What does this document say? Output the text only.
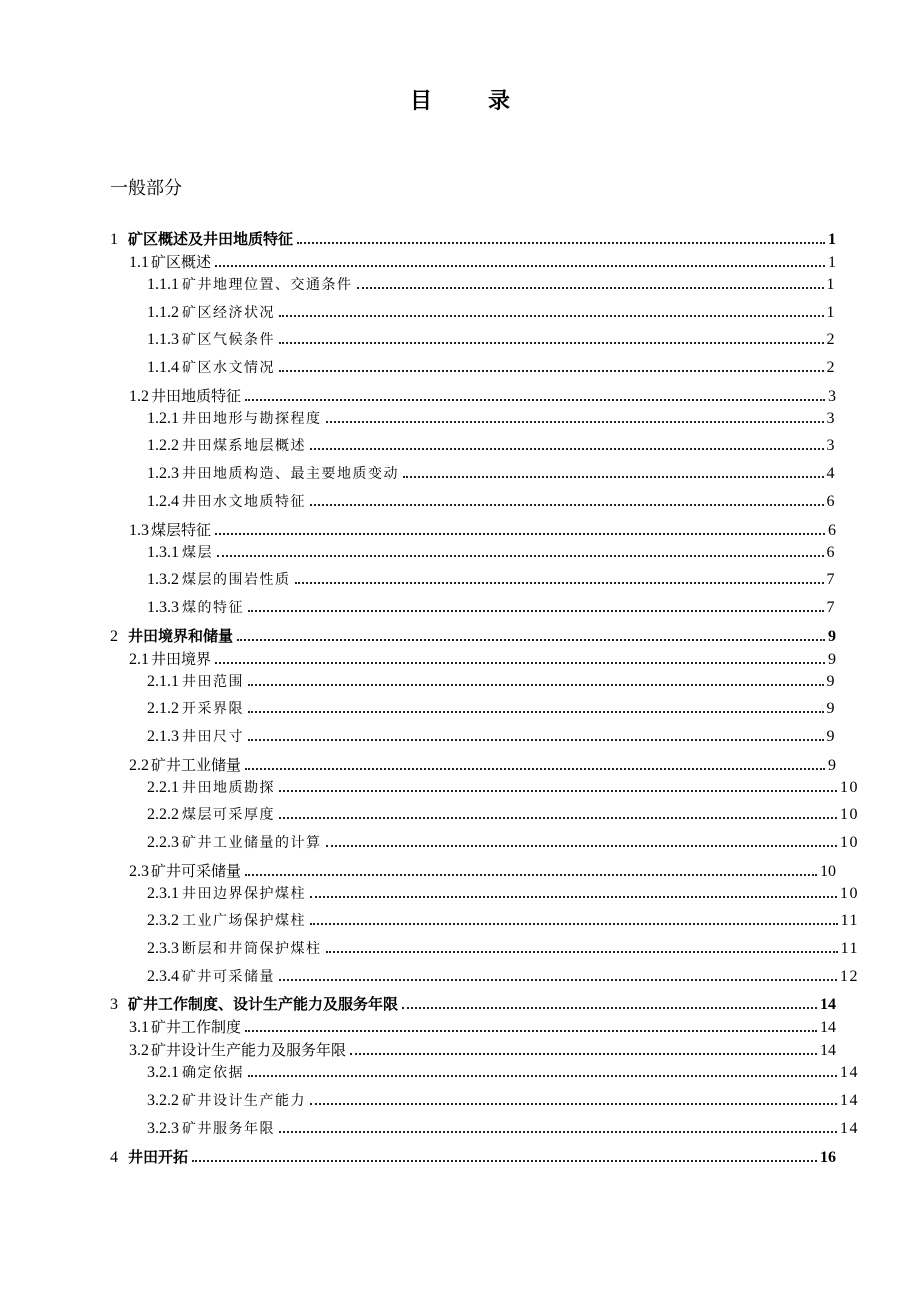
目	录
一般部分
1 矿区概述及井田地质特征	1
1.1 矿区概述	1
1.1.1 矿井地理位置、交通条件	1
1.1.2 矿区经济状况	1
1.1.3 矿区气候条件	2
1.1.4 矿区水文情况	2
1.2 井田地质特征	3
1.2.1 井田地形与勘探程度	3
1.2.2 井田煤系地层概述	3
1.2.3 井田地质构造、最主要地质变动	4
1.2.4 井田水文地质特征	6
1.3 煤层特征	6
1.3.1 煤层	6
1.3.2 煤层的围岩性质	7
1.3.3 煤的特征	7
2 井田境界和储量	9
2.1 井田境界	9
2.1.1 井田范围	9
2.1.2 开采界限	9
2.1.3 井田尺寸	9
2.2 矿井工业储量	9
2.2.1 井田地质勘探	10
2.2.2 煤层可采厚度	10
2.2.3 矿井工业储量的计算	10
2.3 矿井可采储量	10
2.3.1 井田边界保护煤柱	10
2.3.2 工业广场保护煤柱	11
2.3.3 断层和井筒保护煤柱	11
2.3.4 矿井可采储量	12
3 矿井工作制度、设计生产能力及服务年限	14
3.1 矿井工作制度	14
3.2 矿井设计生产能力及服务年限	14
3.2.1 确定依据	14
3.2.2 矿井设计生产能力	14
3.2.3 矿井服务年限	14
4 井田开拓	16
